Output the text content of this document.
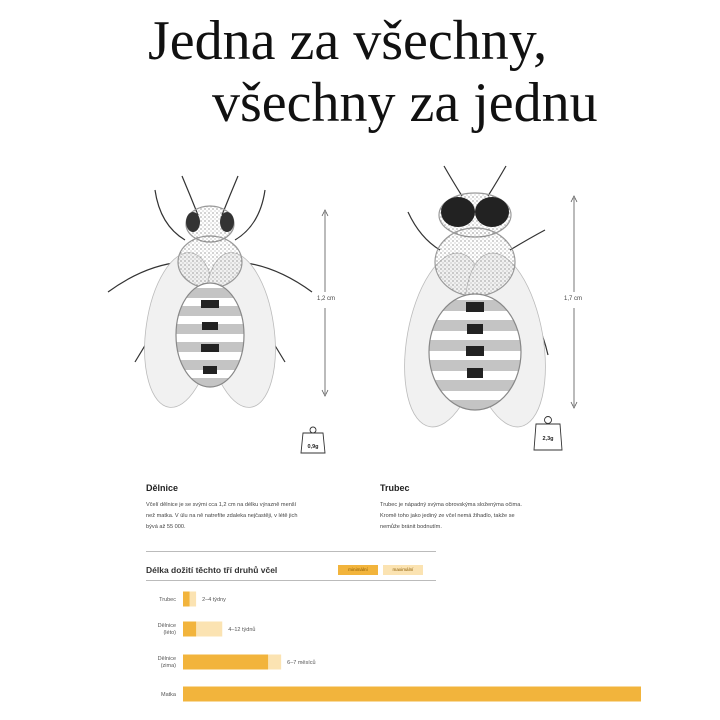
Jedna za všechny,
všechny za jednu
1,2 cm	1,7 cm
0,9g
2,3g
Dělnice
Včelí dělnice je se svými cca 1,2 cm na délku výrazně menší než matka. V úlu na ně natrefíte zdaleka nejčastěji, v létě jich bývá až 55 000.
Trubec
Trubec je nápadný svýma obrovskýma složenýma očima. Kromě toho jako jediný ze včel nemá žihadlo, takže se nemůže bránit bodnutím.
Délka dožití těchto tří druhů včel	minimální	maximální
Trubec	2–4 týdny
Dělnice (léto)	4–12 týdnů
Dělnice (zima)	6–7 měsíců
Matka
